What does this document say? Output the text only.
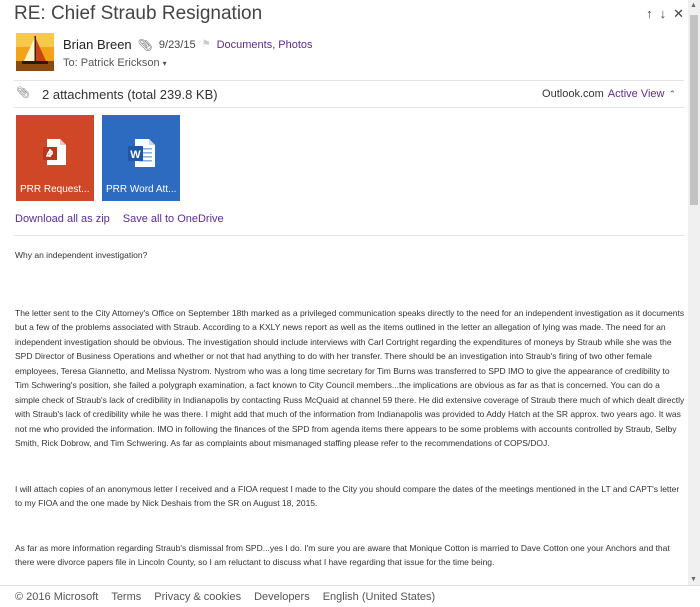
RE: Chief Straub Resignation	↑ ↓ ✕
Brian Breen 📎︎ 9/23/15 ⚑ Documents, Photos
To: Patrick Erickson ▾
📎︎ 2 attachments (total 239.8 KB)	Outlook.com Active View ⌃
PRR Request...
W
PRR Word Att...
Download all as zip Save all to OneDrive

Why an independent investigation?

The letter sent to the City Attorney's Office on September 18th marked as a privileged communication speaks directly to the need for an independent investigation as it documents but a few of the problems associated with Straub. According to a KXLY news report as well as the items outlined in the letter an allegation of lying was made. The need for an independent investigation should be obvious. The investigation should include interviews with Carl Cortright regarding the expenditures of moneys by Straub while she was the SPD Director of Business Operations and whether or not that had anything to do with her transfer. There should be an investigation into Straub's firing of two other female employees, Teresa Giannetto, and Melissa Nystrom. Nystrom who was a long time secretary for Tim Burns was transferred to SPD IMO to give the appearance of credibility to Tim Schwering's position, she failed a polygraph examination, a fact known to City Council members...the implications are obvious as far as that is concerned. You can do a simple check of Straub's lack of credibility in Indianapolis by contacting Russ McQuaid at channel 59 there. He did extensive coverage of Straub there much of which dealt directly with Straub's lack of credibility while he was there. I might add that much of the information from Indianapolis was provided to Addy Hatch at the SR approx. two years ago. It was not me who provided the information. IMO in following the finances of the SPD from agenda items there appears to be some problems with accounts controlled by Straub, Selby Smith, Rick Dobrow, and Tim Schwering. As far as complaints about mismanaged staffing please refer to the recommendations of COPS/DOJ.

I will attach copies of an anonymous letter I received and a FIOA request I made to the City you should compare the dates of the meetings mentioned in the LT and CAPT's letter to my FIOA and the one made by Nick Deshais from the SR on August 18, 2015.

As far as more information regarding Straub's dismissal from SPD...yes I do. I'm sure you are aware that Monique Cotton is married to Dave Cotton one your Anchors and that there were divorce papers file in Lincoln County, so I am reluctant to discuss what I have regarding that issue for the time being.

▲
▼
© 2016 Microsoft Terms Privacy & cookies Developers English (United States)
